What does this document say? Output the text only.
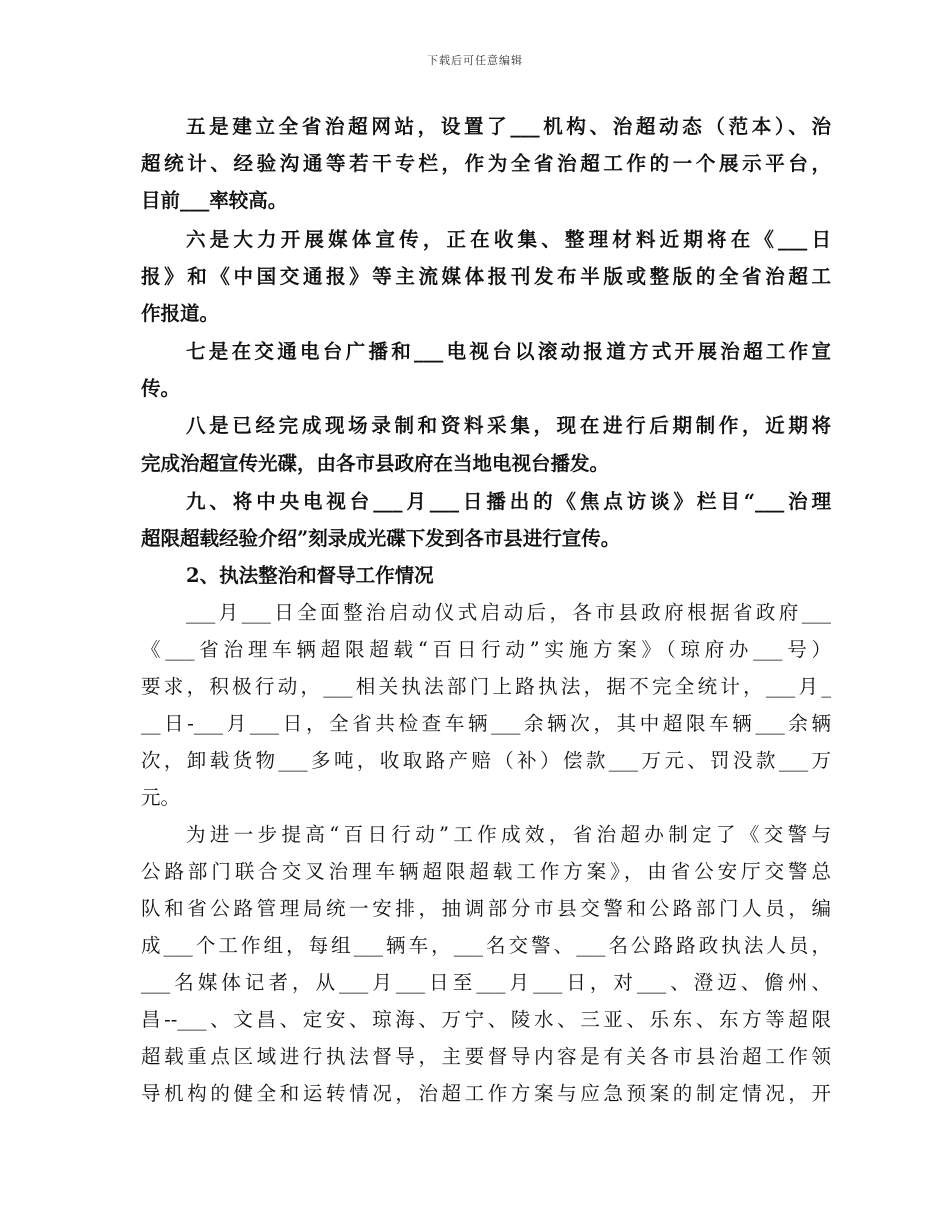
下载后可任意编辑
五是建立全省治超网站，设置了___机构、治超动态（范本）、治
超统计、经验沟通等若干专栏，作为全省治超工作的一个展示平台，
目前___率较高。
六是大力开展媒体宣传，正在收集、整理材料近期将在《___日
报》和《中国交通报》等主流媒体报刊发布半版或整版的全省治超工
作报道。
七是在交通电台广播和___电视台以滚动报道方式开展治超工作宣
传。
八是已经完成现场录制和资料采集，现在进行后期制作，近期将
完成治超宣传光碟，由各市县政府在当地电视台播发。
九、将中央电视台___月___日播出的《焦点访谈》栏目“___治理
超限超载经验介绍”刻录成光碟下发到各市县进行宣传。
2、执法整治和督导工作情况
___月___日全面整治启动仪式启动后，各市县政府根据省政府___
《___省治理车辆超限超载“百日行动”实施方案》（琼府办___号）
要求，积极行动，___相关执法部门上路执法，据不完全统计，___月_
__日-___月___日，全省共检查车辆___余辆次，其中超限车辆___余辆
次，卸载货物___多吨，收取路产赔（补）偿款___万元、罚没款___万
元。
为进一步提高“百日行动”工作成效，省治超办制定了《交警与
公路部门联合交叉治理车辆超限超载工作方案》，由省公安厅交警总
队和省公路管理局统一安排，抽调部分市县交警和公路部门人员，编
成___个工作组，每组___辆车，___名交警、___名公路路政执法人员，
___名媒体记者，从___月___日至___月___日，对___、澄迈、儋州、
昌--___、文昌、定安、琼海、万宁、陵水、三亚、乐东、东方等超限
超载重点区域进行执法督导，主要督导内容是有关各市县治超工作领
导机构的健全和运转情况，治超工作方案与应急预案的制定情况，开
